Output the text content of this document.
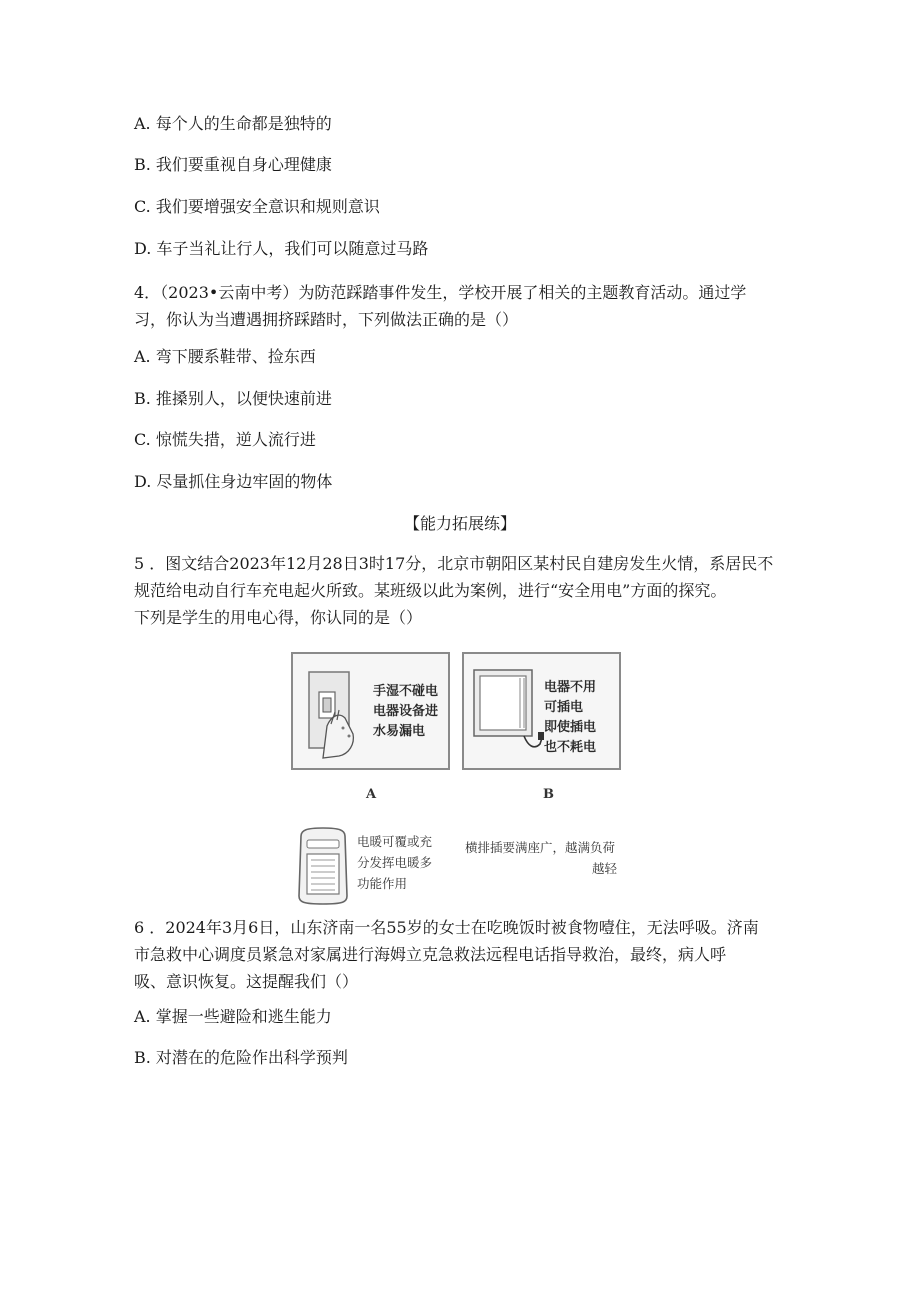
A. 每个人的生命都是独特的
B. 我们要重视自身心理健康
C. 我们要增强安全意识和规则意识
D. 车子当礼让行人，我们可以随意过马路
4．（2023•云南中考）为防范踩踏事件发生，学校开展了相关的主题教育活动。通过学
习，你认为当遭遇拥挤踩踏时，下列做法正确的是（）
A. 弯下腰系鞋带、捡东西
B. 推搡别人，以便快速前进
C. 惊慌失措，逆人流行进
D. 尽量抓住身边牢固的物体
【能力拓展练】
5 ．图文结合2023年12月28日3时17分，北京市朝阳区某村民自建房发生火情，系居民不
规范给电动自行车充电起火所致。某班级以此为案例，进行“安全用电”方面的探究。
下列是学生的用电心得，你认同的是（）
手湿不碰电
电器设备进
水易漏电
A
电器不用
可插电
即使插电
也不耗电
B
电暖可覆或充
分发挥电暖多
功能作用
横排插要满座广，越满负荷
越轻
6 ．2024年3月6日，山东济南一名55岁的女士在吃晚饭时被食物噎住，无法呼吸。济南
市急救中心调度员紧急对家属进行海姆立克急救法远程电话指导救治，最终，病人呼
吸、意识恢复。这提醒我们（）
A. 掌握一些避险和逃生能力
B. 对潜在的危险作出科学预判
